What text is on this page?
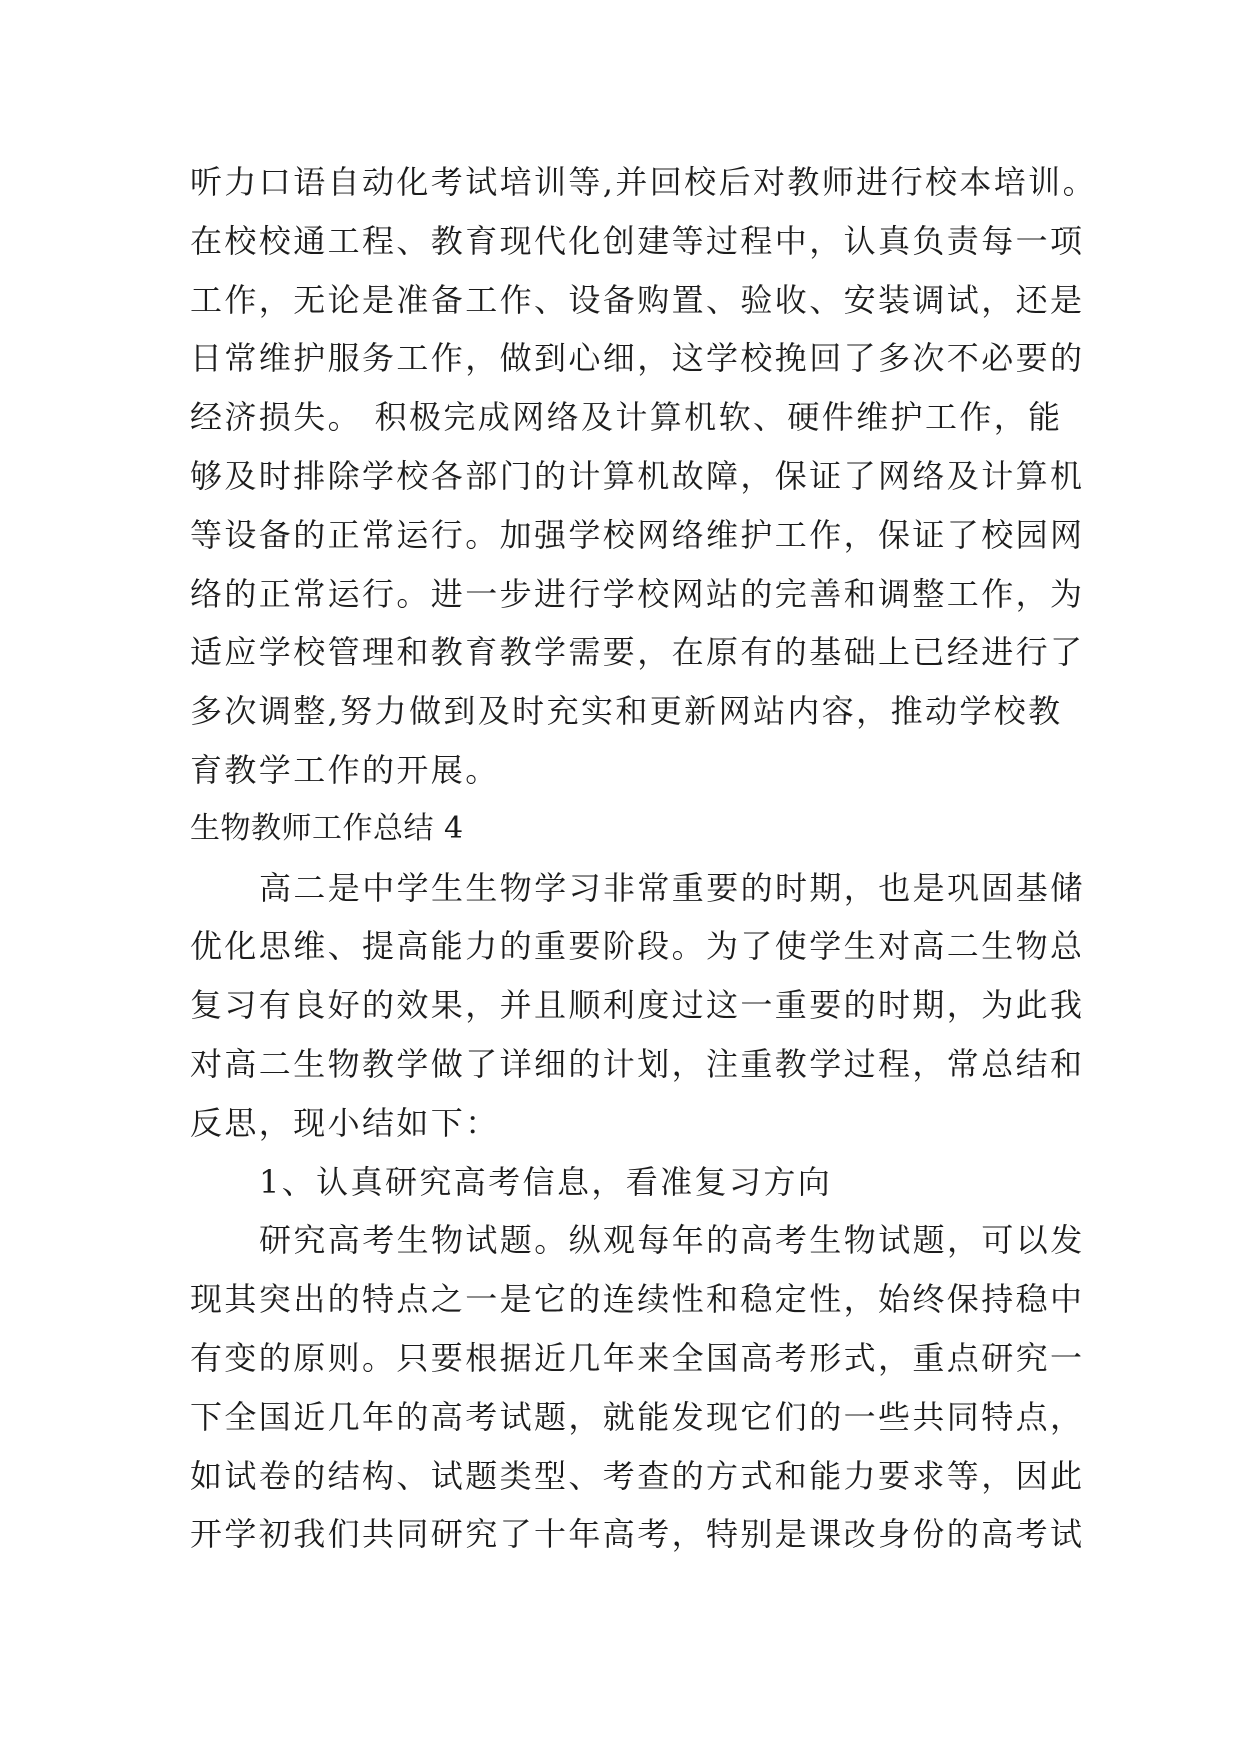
听力口语自动化考试培训等,并回校后对教师进行校本培训。
在校校通工程、教育现代化创建等过程中，认真负责每一项
工作，无论是准备工作、设备购置、验收、安装调试，还是
日常维护服务工作，做到心细，这学校挽回了多次不必要的
经济损失。 积极完成网络及计算机软、硬件维护工作，能
够及时排除学校各部门的计算机故障，保证了网络及计算机
等设备的正常运行。加强学校网络维护工作，保证了校园网
络的正常运行。进一步进行学校网站的完善和调整工作，为
适应学校管理和教育教学需要，在原有的基础上已经进行了
多次调整,努力做到及时充实和更新网站内容，推动学校教
育教学工作的开展。
生物教师工作总结 4
高二是中学生生物学习非常重要的时期，也是巩固基储
优化思维、提高能力的重要阶段。为了使学生对高二生物总
复习有良好的效果，并且顺利度过这一重要的时期，为此我
对高二生物教学做了详细的计划，注重教学过程，常总结和
反思，现小结如下：
1、认真研究高考信息，看准复习方向
研究高考生物试题。纵观每年的高考生物试题，可以发
现其突出的特点之一是它的连续性和稳定性，始终保持稳中
有变的原则。只要根据近几年来全国高考形式，重点研究一
下全国近几年的高考试题，就能发现它们的一些共同特点，
如试卷的结构、试题类型、考查的方式和能力要求等，因此
开学初我们共同研究了十年高考，特别是课改身份的高考试
